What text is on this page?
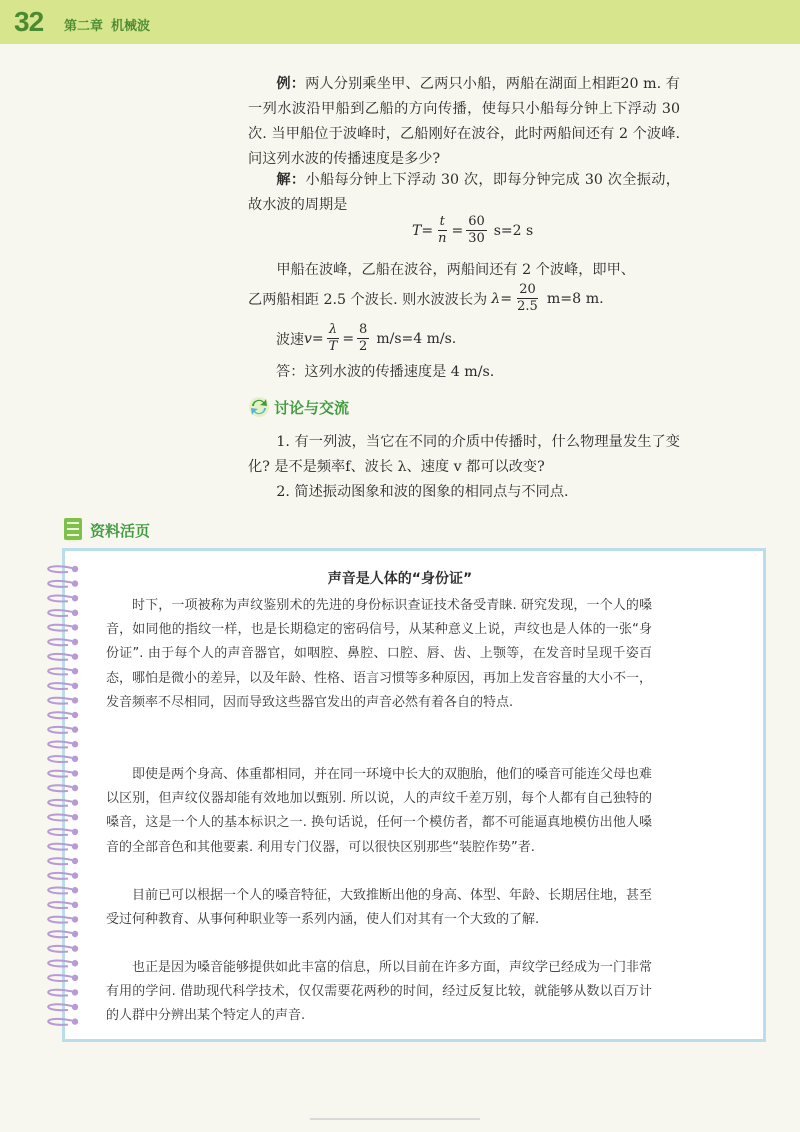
32 第二章 机械波

例：两人分别乘坐甲、乙两只小船，两船在湖面上相距20 m. 有一列水波沿甲船到乙船的方向传播，使每只小船每分钟上下浮动 30 次. 当甲船位于波峰时，乙船刚好在波谷，此时两船间还有 2 个波峰. 问这列水波的传播速度是多少?

解：小船每分钟上下浮动 30 次，即每分钟完成 30 次全振动，故水波的周期是

$T= \frac{t}{n} = \frac{60}{30} s=2$ s

甲船在波峰，乙船在波谷，两船间还有 2 个波峰，即甲、

乙两船相距 2.5 个波长. 则水波波长为 $\lambda= \frac{20}{2.5} m=8$ m.
波速 $v= \frac{\lambda}{T} = \frac{8}{2} m/s=4$ m/s.

答：这列水波的传播速度是 4 m/s.

讨论与交流

1. 有一列波，当它在不同的介质中传播时，什么物理量发生了变化? 是不是频率f、波长 λ、速度 v 都可以改变?

2. 简述振动图象和波的图象的相同点与不同点.

资料活页
声音是人体的“身份证”

时下，一项被称为声纹鉴别术的先进的身份标识查证技术备受青睐. 研究发现，一个人的嗓音，如同他的指纹一样，也是长期稳定的密码信号，从某种意义上说，声纹也是人体的一张“身份证”. 由于每个人的声音器官，如咽腔、鼻腔、口腔、唇、齿、上颚等，在发音时呈现千姿百态，哪怕是微小的差异，以及年龄、性格、语言习惯等多种原因，再加上发音容量的大小不一，发音频率不尽相同，因而导致这些器官发出的声音必然有着各自的特点.

即使是两个身高、体重都相同，并在同一环境中长大的双胞胎，他们的嗓音可能连父母也难以区别，但声纹仪器却能有效地加以甄别. 所以说，人的声纹千差万别，每个人都有自己独特的嗓音，这是一个人的基本标识之一. 换句话说，任何一个模仿者，都不可能逼真地模仿出他人嗓音的全部音色和其他要素. 利用专门仪器，可以很快区别那些“装腔作势”者.

目前已可以根据一个人的嗓音特征，大致推断出他的身高、体型、年龄、长期居住地，甚至受过何种教育、从事何种职业等一系列内涵，使人们对其有一个大致的了解.

也正是因为嗓音能够提供如此丰富的信息，所以目前在许多方面，声纹学已经成为一门非常有用的学问. 借助现代科学技术，仅仅需要花两秒的时间，经过反复比较，就能够从数以百万计的人群中分辨出某个特定人的声音.
